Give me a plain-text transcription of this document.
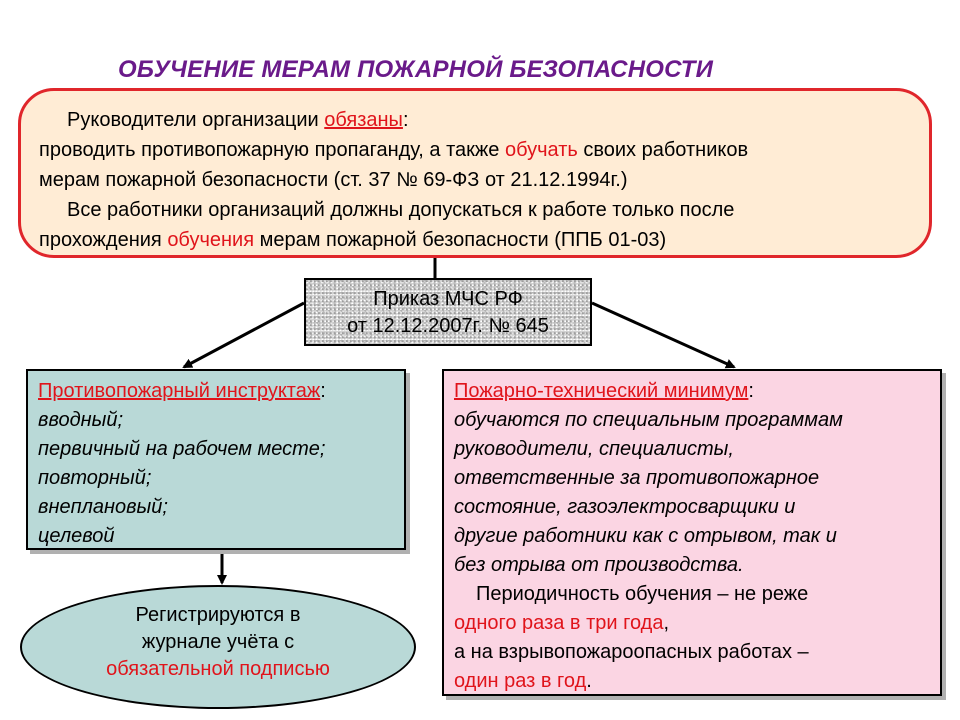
ОБУЧЕНИЕ МЕРАМ ПОЖАРНОЙ БЕЗОПАСНОСТИ

Руководители организации обязаны:

проводить противопожарную пропаганду, а также обучать своих работников

мерам пожарной безопасности (ст. 37 № 69-ФЗ от 21.12.1994г.)

Все работники организаций должны допускаться к работе только после

прохождения обучения мерам пожарной безопасности (ППБ 01-03)

Приказ МЧС РФ
от 12.12.2007г. № 645
Противопожарный инструктаж:
вводный;
первичный на рабочем месте;
повторный;
внеплановый;
целевой
Пожарно-технический минимум:
обучаются по специальным программам
руководители, специалисты,
ответственные за противопожарное
состояние, газоэлектросварщики и
другие работники как с отрывом, так и
без отрыва от производства.
Периодичность обучения – не реже
одного раза в три года,
а на взрывопожароопасных работах –
один раз в год.
Регистрируются в
журнале учёта с
обязательной подписью
